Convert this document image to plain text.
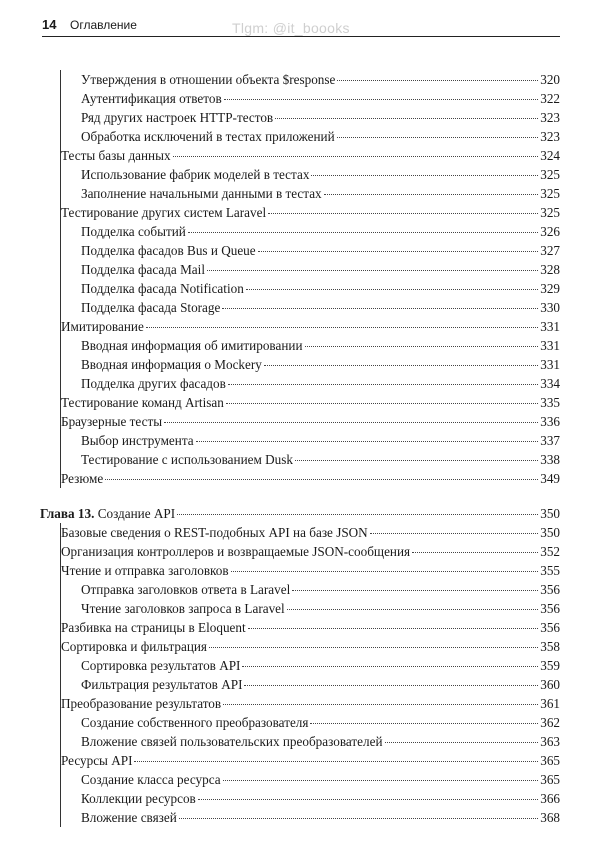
14 Оглавление	Tlgm: @it_boooks
Утверждения в отношении объекта $response	320
Аутентификация ответов	322
Ряд других настроек HTTP-тестов	323
Обработка исключений в тестах приложений	323
Тесты базы данных	324
Использование фабрик моделей в тестах	325
Заполнение начальными данными в тестах	325
Тестирование других систем Laravel	325
Подделка событий	326
Подделка фасадов Bus и Queue	327
Подделка фасада Mail	328
Подделка фасада Notification	329
Подделка фасада Storage	330
Имитирование	331
Вводная информация об имитировании	331
Вводная информация о Mockery	331
Подделка других фасадов	334
Тестирование команд Artisan	335
Браузерные тесты	336
Выбор инструмента	337
Тестирование с использованием Dusk	338
Резюме	349
Глава 13. Создание API	350
Базовые сведения о REST-подобных API на базе JSON	350
Организация контроллеров и возвращаемые JSON-сообщения	352
Чтение и отправка заголовков	355
Отправка заголовков ответа в Laravel	356
Чтение заголовков запроса в Laravel	356
Разбивка на страницы в Eloquent	356
Сортировка и фильтрация	358
Сортировка результатов API	359
Фильтрация результатов API	360
Преобразование результатов	361
Создание собственного преобразователя	362
Вложение связей пользовательских преобразователей	363
Ресурсы API	365
Создание класса ресурса	365
Коллекции ресурсов	366
Вложение связей	368
